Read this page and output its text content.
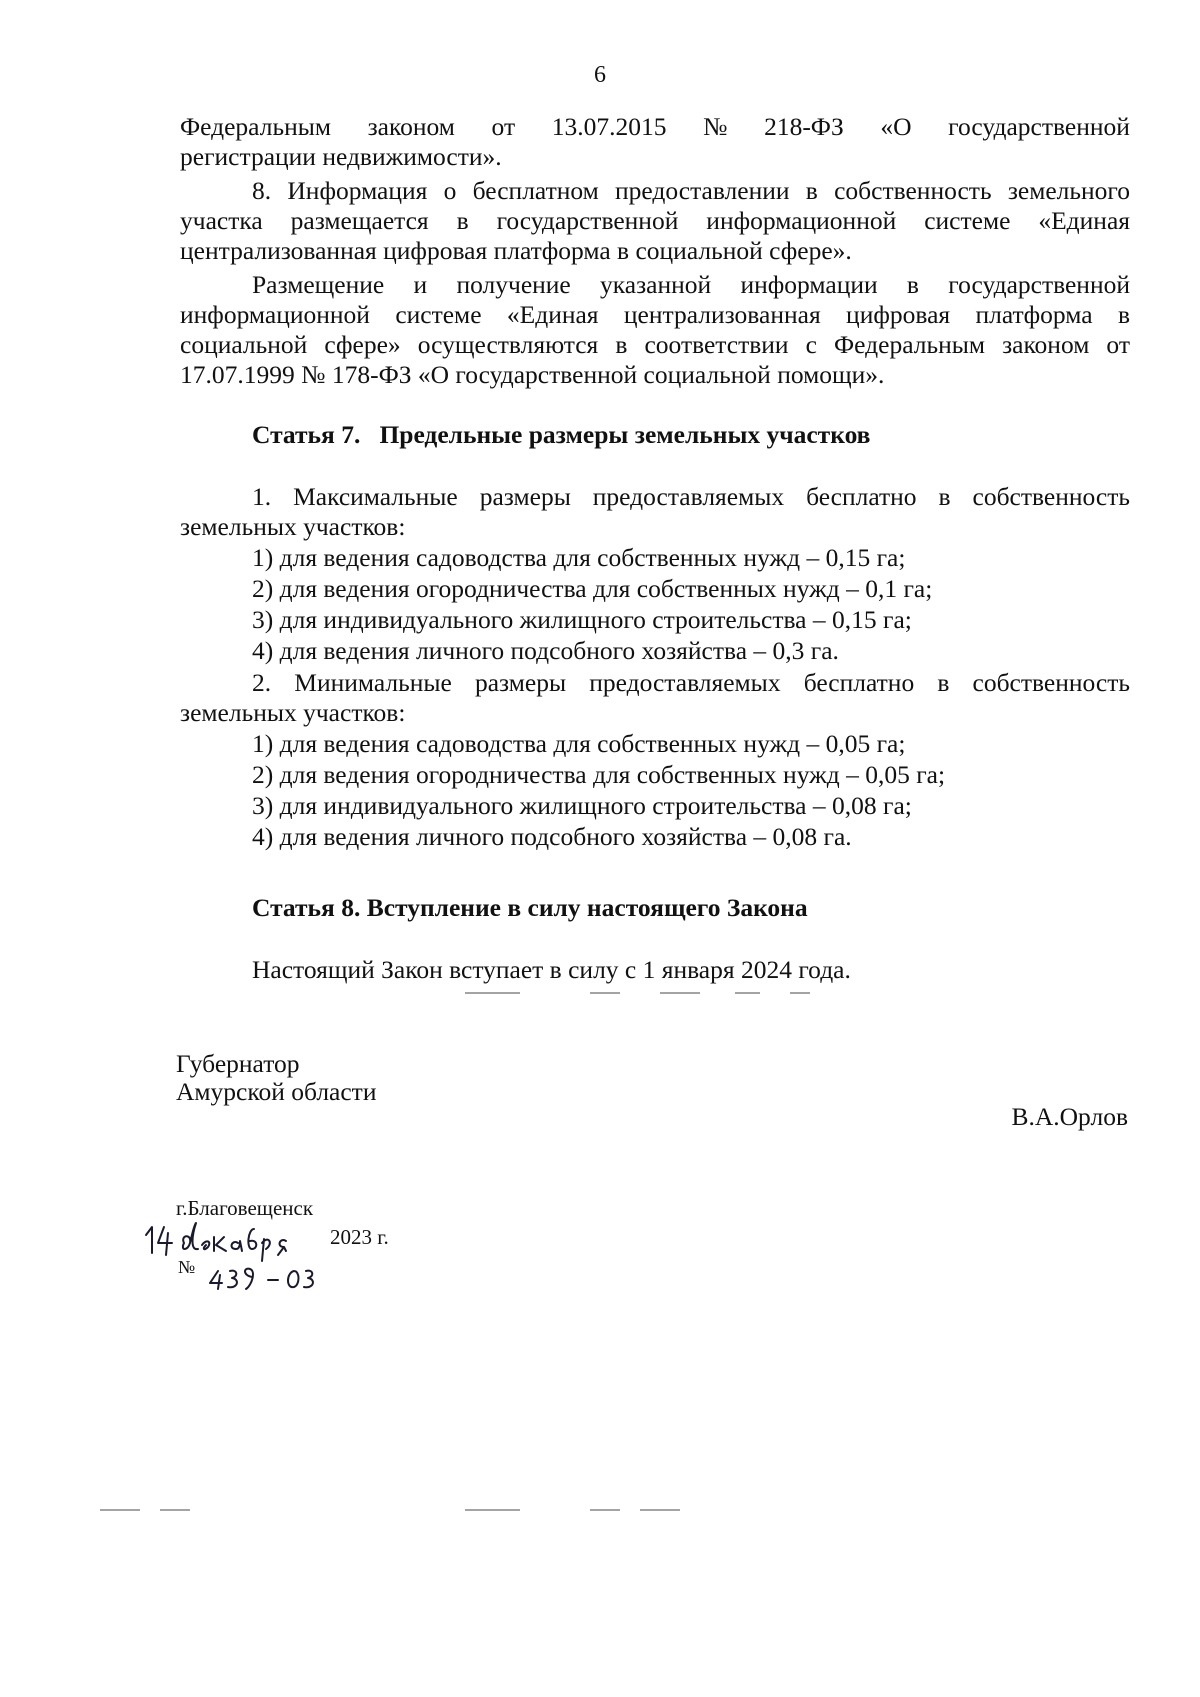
6
Федеральным законом от 13.07.2015 № 218-ФЗ «О государственной

регистрации недвижимости».

8. Информация о бесплатном предоставлении в собственность земельного участка размещается в государственной информационной системе «Единая централизованная цифровая платформа в социальной сфере».

Размещение и получение указанной информации в государственной информационной системе «Единая централизованная цифровая платформа в социальной сфере» осуществляются в соответствии с Федеральным законом от 17.07.1999 № 178-ФЗ «О государственной социальной помощи».

Статья 7.   Предельные размеры земельных участков

1. Максимальные размеры предоставляемых бесплатно в собственность земельных участков:

1) для ведения садоводства для собственных нужд – 0,15 га;

2) для ведения огородничества для собственных нужд – 0,1 га;

3) для индивидуального жилищного строительства – 0,15 га;

4) для ведения личного подсобного хозяйства – 0,3 га.

2. Минимальные размеры предоставляемых бесплатно в собственность земельных участков:

1) для ведения садоводства для собственных нужд – 0,05 га;

2) для ведения огородничества для собственных нужд – 0,05 га;

3) для индивидуального жилищного строительства – 0,08 га;

4) для ведения личного подсобного хозяйства – 0,08 га.

Статья 8. Вступление в силу настоящего Закона

Настоящий Закон вступает в силу с 1 января 2024 года.

Губернатор
Амурской области
В.А.Орлов
г.Благовещенск
2023 г.
№
